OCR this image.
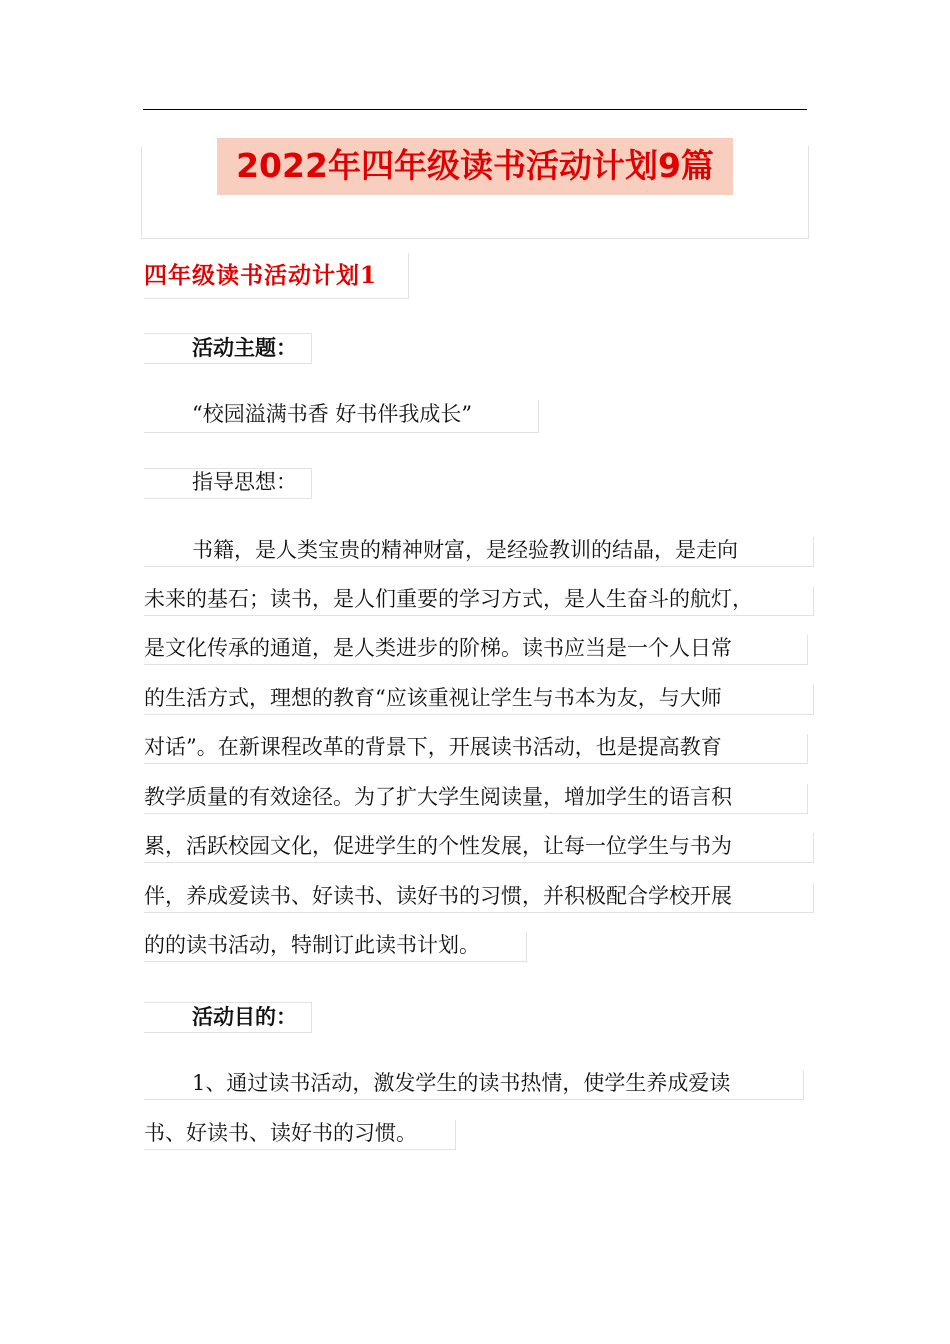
2022年四年级读书活动计划9篇
四年级读书活动计划1
活动主题：
“校园溢满书香 好书伴我成长”
指导思想：
书籍，是人类宝贵的精神财富，是经验教训的结晶，是走向
未来的基石；读书，是人们重要的学习方式，是人生奋斗的航灯，
是文化传承的通道，是人类进步的阶梯。读书应当是一个人日常
的生活方式，理想的教育“应该重视让学生与书本为友，与大师
对话”。在新课程改革的背景下，开展读书活动，也是提高教育
教学质量的有效途径。为了扩大学生阅读量，增加学生的语言积
累，活跃校园文化，促进学生的个性发展，让每一位学生与书为
伴，养成爱读书、好读书、读好书的习惯，并积极配合学校开展
的的读书活动，特制订此读书计划。
活动目的：
1、通过读书活动，激发学生的读书热情，使学生养成爱读
书、好读书、读好书的习惯。
